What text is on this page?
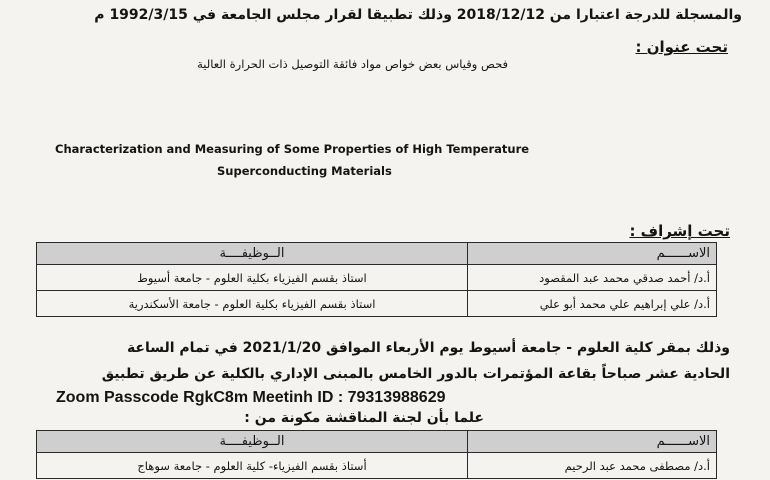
والمسجلة للدرجة اعتبارا من 2018/12/12 وذلك تطبيقا لقرار مجلس الجامعة في 1992/3/15 م
تحت عنوان :
فحص وقياس بعض خواص مواد فائقة التوصيل ذات الحرارة العالية
Characterization and Measuring of Some Properties of High Temperature
Superconducting Materials
تحت إشراف :
الاســــــم	الــوظيفــــة
أ.د/ أحمد صدقي محمد عبد المقصود	استاذ بقسم الفيزياء بكلية العلوم - جامعة أسيوط
أ.د/ علي إبراهيم علي محمد أبو علي	استاذ بقسم الفيزياء بكلية العلوم - جامعة الأسكندرية
وذلك بمقر كلية العلوم - جامعة أسيوط يوم الأربعاء الموافق 2021/1/20 في تمام الساعة
الحادية عشر صباحاً بقاعة المؤتمرات بالدور الخامس بالمبنى الإداري بالكلية عن طريق تطبيق
Zoom Passcode RgkC8m Meetinh ID : 79313988629
علما بأن لجنة المناقشة مكونة من :
الاســــــم	الــوظيفــــة
أ.د/ مصطفى محمد عبد الرحيم	أستاذ بقسم الفيزياء- كلية العلوم - جامعة سوهاج
